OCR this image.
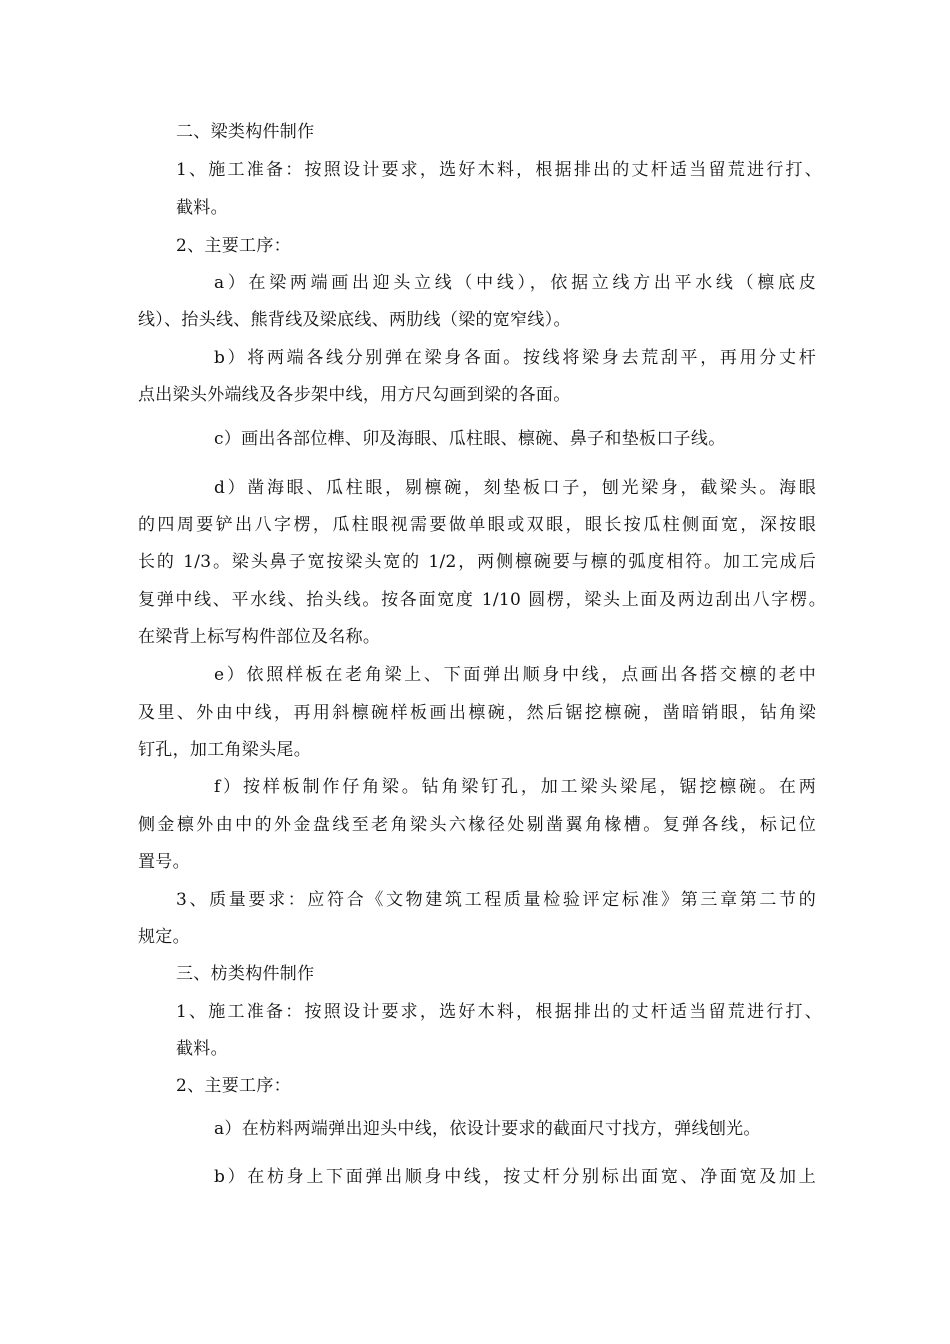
二、梁类构件制作
1、施工准备：按照设计要求，选好木料，根据排出的丈杆适当留荒进行打、
截料。
2、主要工序：
a）在梁两端画出迎头立线（中线），依据立线方出平水线（檩底皮
线）、抬头线、熊背线及梁底线、两肋线（梁的宽窄线）。
b）将两端各线分别弹在梁身各面。按线将梁身去荒刮平，再用分丈杆
点出梁头外端线及各步架中线，用方尺勾画到梁的各面。
c）画出各部位榫、卯及海眼、瓜柱眼、檩碗、鼻子和垫板口子线。
d）凿海眼、瓜柱眼，剔檩碗，刻垫板口子，刨光梁身，截梁头。海眼
的四周要铲出八字楞，瓜柱眼视需要做单眼或双眼，眼长按瓜柱侧面宽，深按眼
长的 1/3。梁头鼻子宽按梁头宽的 1/2，两侧檩碗要与檩的弧度相符。加工完成后
复弹中线、平水线、抬头线。按各面宽度 1/10 圆楞，梁头上面及两边刮出八字楞。
在梁背上标写构件部位及名称。
e）依照样板在老角梁上、下面弹出顺身中线，点画出各搭交檩的老中
及里、外由中线，再用斜檩碗样板画出檩碗，然后锯挖檩碗，凿暗销眼，钻角梁
钉孔，加工角梁头尾。
f）按样板制作仔角梁。钻角梁钉孔，加工梁头梁尾，锯挖檩碗。在两
侧金檩外由中的外金盘线至老角梁头六椽径处剔凿翼角椽槽。复弹各线，标记位
置号。
3、质量要求：应符合《文物建筑工程质量检验评定标准》第三章第二节的
规定。
三、枋类构件制作
1、施工准备：按照设计要求，选好木料，根据排出的丈杆适当留荒进行打、
截料。
2、主要工序：
a）在枋料两端弹出迎头中线，依设计要求的截面尺寸找方，弹线刨光。
b）在枋身上下面弹出顺身中线，按丈杆分别标出面宽、净面宽及加上
